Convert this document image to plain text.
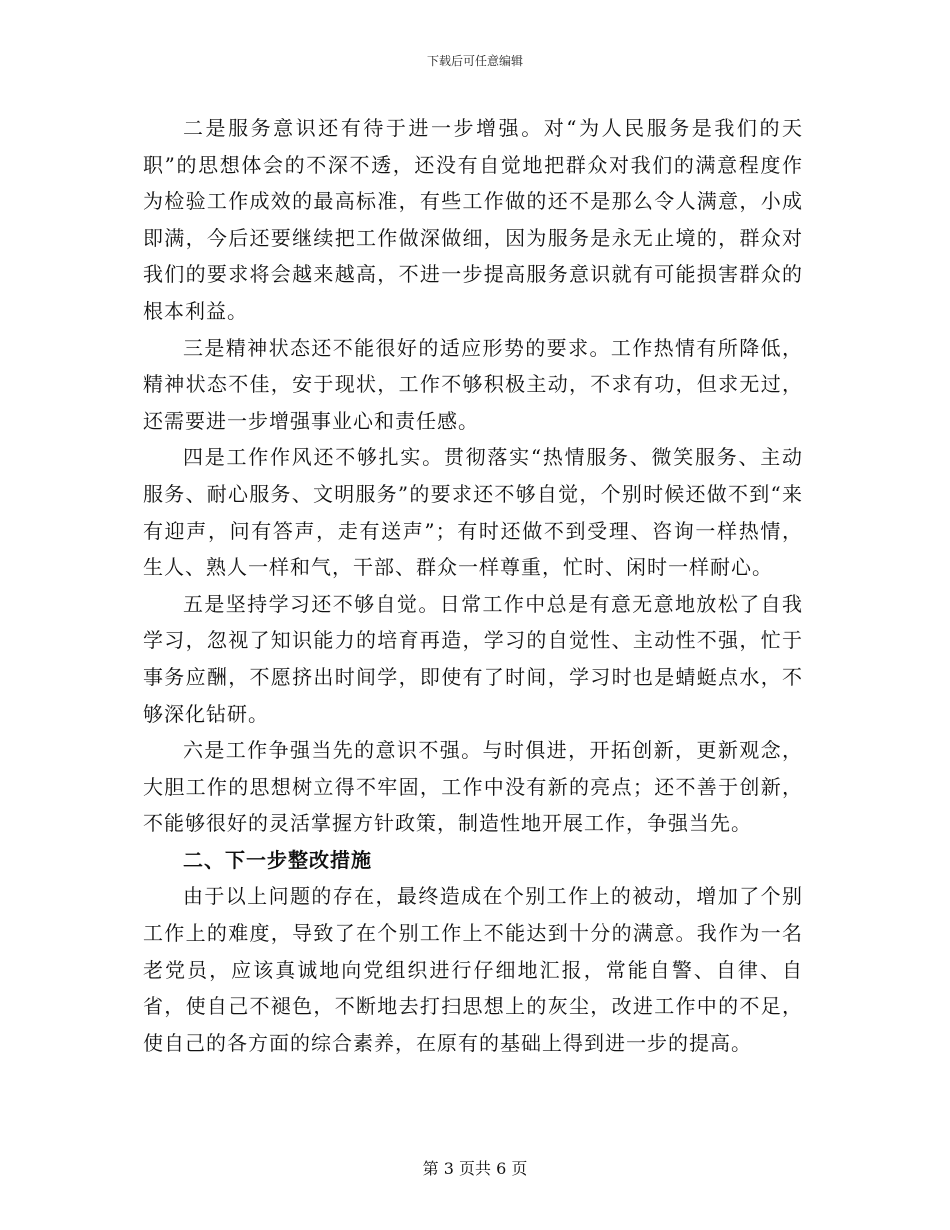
下载后可任意编辑

二是服务意识还有待于进一步增强。对“为人民服务是我们的天职”的思想体会的不深不透，还没有自觉地把群众对我们的满意程度作为检验工作成效的最高标准，有些工作做的还不是那么令人满意，小成即满，今后还要继续把工作做深做细，因为服务是永无止境的，群众对我们的要求将会越来越高，不进一步提高服务意识就有可能损害群众的根本利益。

三是精神状态还不能很好的适应形势的要求。工作热情有所降低，精神状态不佳，安于现状，工作不够积极主动，不求有功，但求无过，还需要进一步增强事业心和责任感。

四是工作作风还不够扎实。贯彻落实“热情服务、微笑服务、主动服务、耐心服务、文明服务”的要求还不够自觉，个别时候还做不到“来有迎声，问有答声，走有送声”；有时还做不到受理、咨询一样热情，生人、熟人一样和气，干部、群众一样尊重，忙时、闲时一样耐心。

五是坚持学习还不够自觉。日常工作中总是有意无意地放松了自我学习，忽视了知识能力的培育再造，学习的自觉性、主动性不强，忙于事务应酬，不愿挤出时间学，即使有了时间，学习时也是蜻蜓点水，不够深化钻研。

六是工作争强当先的意识不强。与时俱进，开拓创新，更新观念，大胆工作的思想树立得不牢固，工作中没有新的亮点；还不善于创新，不能够很好的灵活掌握方针政策，制造性地开展工作，争强当先。

二、下一步整改措施

由于以上问题的存在，最终造成在个别工作上的被动，增加了个别工作上的难度，导致了在个别工作上不能达到十分的满意。我作为一名老党员，应该真诚地向党组织进行仔细地汇报，常能自警、自律、自省，使自己不褪色，不断地去打扫思想上的灰尘，改进工作中的不足，使自己的各方面的综合素养，在原有的基础上得到进一步的提高。

第 3 页共 6 页
